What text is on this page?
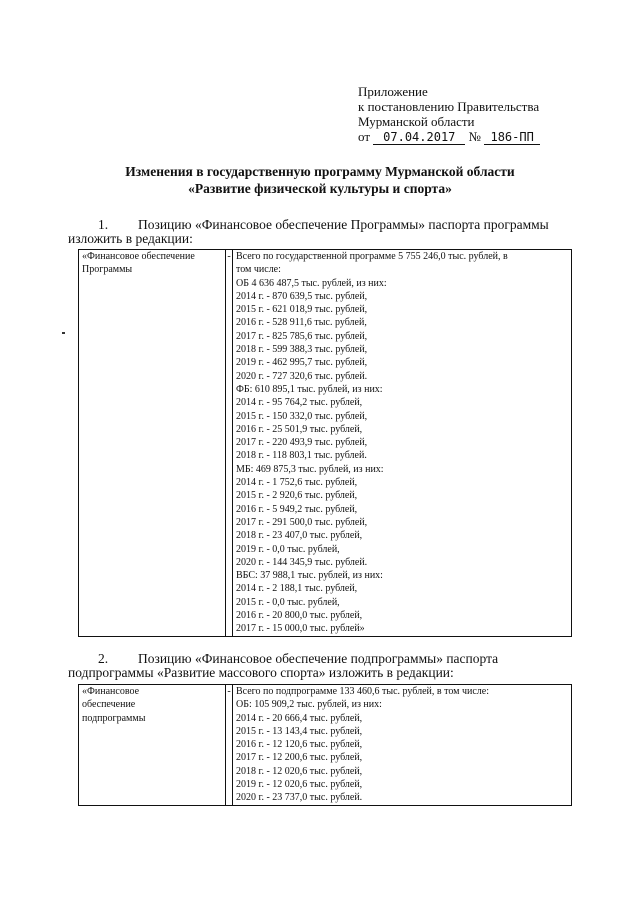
Приложение
к постановлению Правительства
Мурманской области
от 07.04.2017 № 186-ПП
Изменения в государственную программу Мурманской области
«Развитие физической культуры и спорта»
1. Позицию «Финансовое обеспечение Программы» паспорта программы
изложить в редакции:
«Финансовое обеспечение Программы	-	Всего по государственной программе 5 755 246,0 тыс. рублей, в
том числе:
ОБ 4 636 487,5 тыс. рублей, из них:
2014 г. - 870 639,5 тыс. рублей,
2015 г. - 621 018,9 тыс. рублей,
2016 г. - 528 911,6 тыс. рублей,
2017 г. - 825 785,6 тыс. рублей,
2018 г. - 599 388,3 тыс. рублей,
2019 г. - 462 995,7 тыс. рублей,
2020 г. - 727 320,6 тыс. рублей.
ФБ: 610 895,1 тыс. рублей, из них:
2014 г. - 95 764,2 тыс. рублей,
2015 г. - 150 332,0 тыс. рублей,
2016 г. - 25 501,9 тыс. рублей,
2017 г. - 220 493,9 тыс. рублей,
2018 г. - 118 803,1 тыс. рублей.
МБ: 469 875,3 тыс. рублей, из них:
2014 г. - 1 752,6 тыс. рублей,
2015 г. - 2 920,6 тыс. рублей,
2016 г. - 5 949,2 тыс. рублей,
2017 г. - 291 500,0 тыс. рублей,
2018 г. - 23 407,0 тыс. рублей,
2019 г. - 0,0 тыс. рублей,
2020 г. - 144 345,9 тыс. рублей.
ВБС: 37 988,1 тыс. рублей, из них:
2014 г. - 2 188,1 тыс. рублей,
2015 г. - 0,0 тыс. рублей,
2016 г. - 20 800,0 тыс. рублей,
2017 г. - 15 000,0 тыс. рублей»
2. Позицию «Финансовое обеспечение подпрограммы» паспорта
подпрограммы «Развитие массового спорта» изложить в редакции:
«Финансовое
обеспечение
подпрограммы
	-	Всего по подпрограмме 133 460,6 тыс. рублей, в том числе:
ОБ: 105 909,2 тыс. рублей, из них:
2014 г. - 20 666,4 тыс. рублей,
2015 г. - 13 143,4 тыс. рублей,
2016 г. - 12 120,6 тыс. рублей,
2017 г. - 12 200,6 тыс. рублей,
2018 г. - 12 020,6 тыс. рублей,
2019 г. - 12 020,6 тыс. рублей,
2020 г. - 23 737,0 тыс. рублей.
